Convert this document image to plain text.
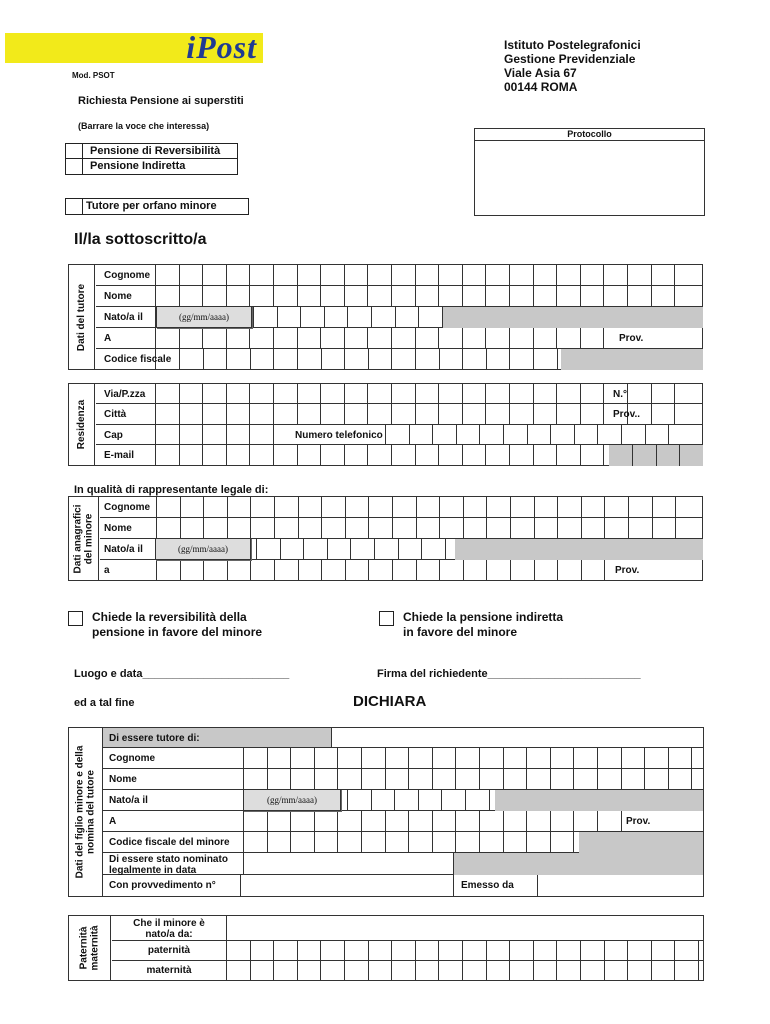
iPost
Mod. PSOT
Istituto Postelegrafonici
Gestione Previdenziale
Viale Asia 67
00144 ROMA
Richiesta Pensione ai superstiti
(Barrare la voce che interessa)
Protocollo
Pensione di Reversibilità
Pensione Indiretta
Tutore per orfano minore
Il/la sottoscritto/a
Dati del tutore
Cognome
Nome
Nato/a il	(gg/mm/aaaa)
A	Prov.
Codice fiscale
Residenza
Via/P.zza	N.°
Città	Prov..
Cap	Numero telefonico
E-mail
In qualità di rappresentante legale di:
Dati anagrafici del minore
Cognome
Nome
Nato/a il	(gg/mm/aaaa)
a	Prov.
Chiede la reversibilità della
pensione in favore del minore
Chiede la pensione indiretta
in favore del minore
Luogo e data________________________	Firma del richiedente_________________________
ed a tal fine	DICHIARA
Dati del figlio minore e della nomina del tutore
Di essere tutore di:
Cognome
Nome
Nato/a il	(gg/mm/aaaa)
A	Prov.
Codice fiscale del minore
Di essere stato nominato
legalmente in data
Con provvedimento n°	Emesso da
Paternità maternità
Che il minore è
nato/a da:
paternità
maternità
